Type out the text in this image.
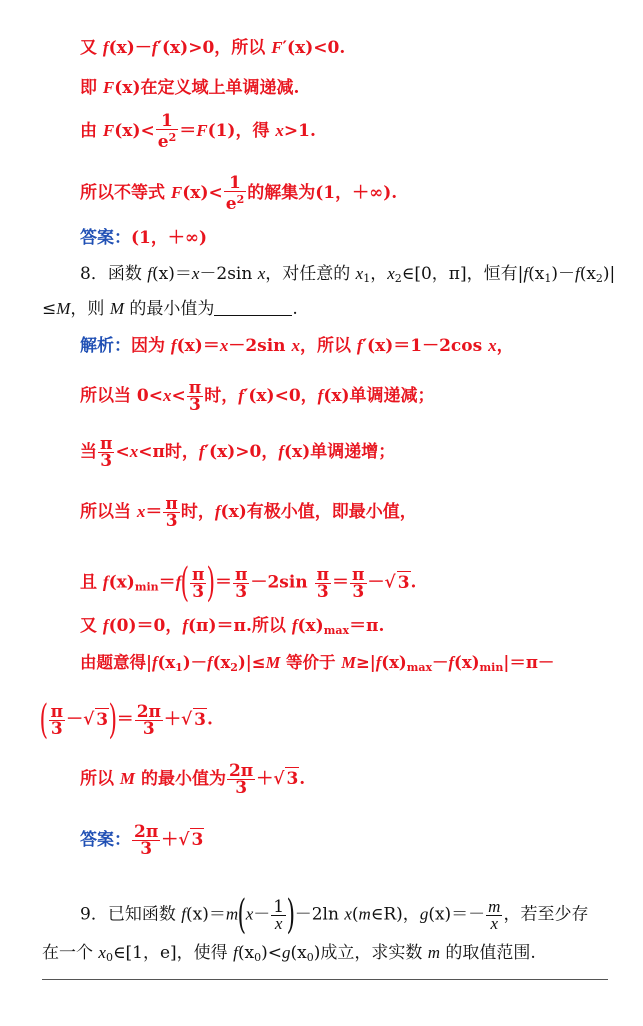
又 f(x)－f′(x)>0，所以 F′(x)<0.
即 F(x)在定义域上单调递减.
由 $F(x)< \frac{1}{e^2} =F(1)$，得 x>1.
所以不等式 $F(x)< \frac{1}{e^2}$ 的解集为(1，＋∞).
答案：(1，＋∞)
8．函数 f(x)＝x－2sin x，对任意的 $x_1$，$x_2\in[0$，π]，恒有$|f(x_1)-f(x_2)|$
≤M，则 M 的最小值为	.
解析：因为 f(x)＝x－2sin x，所以 f′(x)＝1－2cos x，
所以当 $0<x< \frac{\pi}{3}$ 时，f′(x)<0，f(x)单调递减；
当 $\frac{\pi}{3} <x<\pi$时，f′(x)>0，f(x)单调递增；
所以当 $x= \frac{\pi}{3}$ 时，f(x)有极小值，即最小值，
且 $f(x)_{min}=f( \frac{\pi}{3}$ )＝ $\frac{\pi}{3} -2\sin \frac{\pi}{3} = \frac{\pi}{3}$ －√ 3.
又 f(0)＝0，f(π)＝π.所以 $f(x)_{max}=\pi$.
由题意得$|f(x_1)-f(x_2)|\le M$ 等价于 $M\ge|f(x)_{max}-f(x)_{min}|=\pi-$
( $\frac{\pi}{3}$ －√ $3)= \frac{2\pi}{3}$ ＋√ 3.
所以 M 的最小值为 $\frac{2\pi}{3}$ ＋√ 3.
答案： $\frac{2\pi}{3}$ ＋√ 3
9．已知函数 $f(x)=m(x- \frac{1}{x} )-2\ln$ x(m∈R)，$g(x)=- \frac{m}{x}$ ，若至少存
在一个 $x_0\in[1$，e]，使得 $f(x_0)<g(x_0)$成立，求实数 m 的取值范围.
